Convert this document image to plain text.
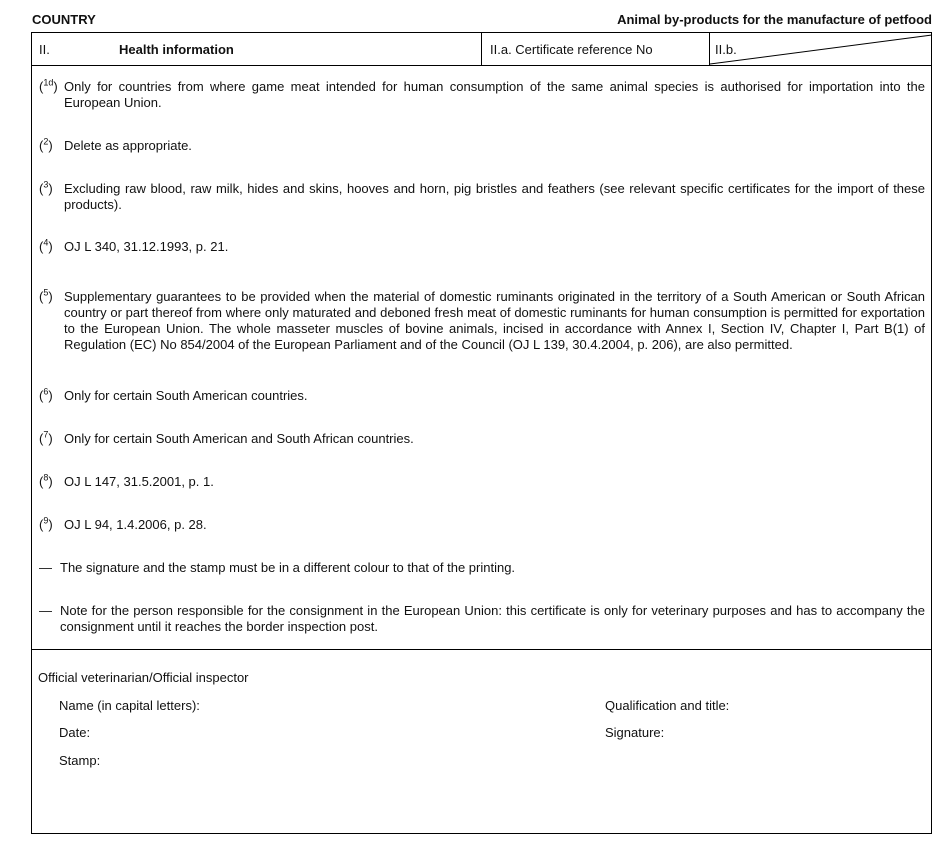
COUNTRY	Animal by-products for the manufacture of petfood
II.	Health information	II.a. Certificate reference No	II.b.
($^{1d}$) Only for countries from where game meat intended for human consumption of the same animal species is authorised for importation into the European Union.
($^2$) Delete as appropriate.
($^3$) Excluding raw blood, raw milk, hides and skins, hooves and horn, pig bristles and feathers (see relevant specific certificates for the import of these products).
($^4$) OJ L 340, 31.12.1993, p. 21.
($^5$) Supplementary guarantees to be provided when the material of domestic ruminants originated in the territory of a South American or South African country or part thereof from where only maturated and deboned fresh meat of domestic ruminants for human consumption is permitted for exportation to the European Union. The whole masseter muscles of bovine animals, incised in accordance with Annex I, Section IV, Chapter I, Part B(1) of Regulation (EC) No 854/2004 of the European Parliament and of the Council (OJ L 139, 30.4.2004, p. 206), are also permitted.
($^6$) Only for certain South American countries.
($^7$) Only for certain South American and South African countries.
($^8$) OJ L 147, 31.5.2001, p. 1.
($^9$) OJ L 94, 1.4.2006, p. 28.
— The signature and the stamp must be in a different colour to that of the printing.
— Note for the person responsible for the consignment in the European Union: this certificate is only for veterinary purposes and has to accompany the consignment until it reaches the border inspection post.
Official veterinarian/Official inspector
Name (in capital letters):	Qualification and title:
Date:	Signature:
Stamp:
